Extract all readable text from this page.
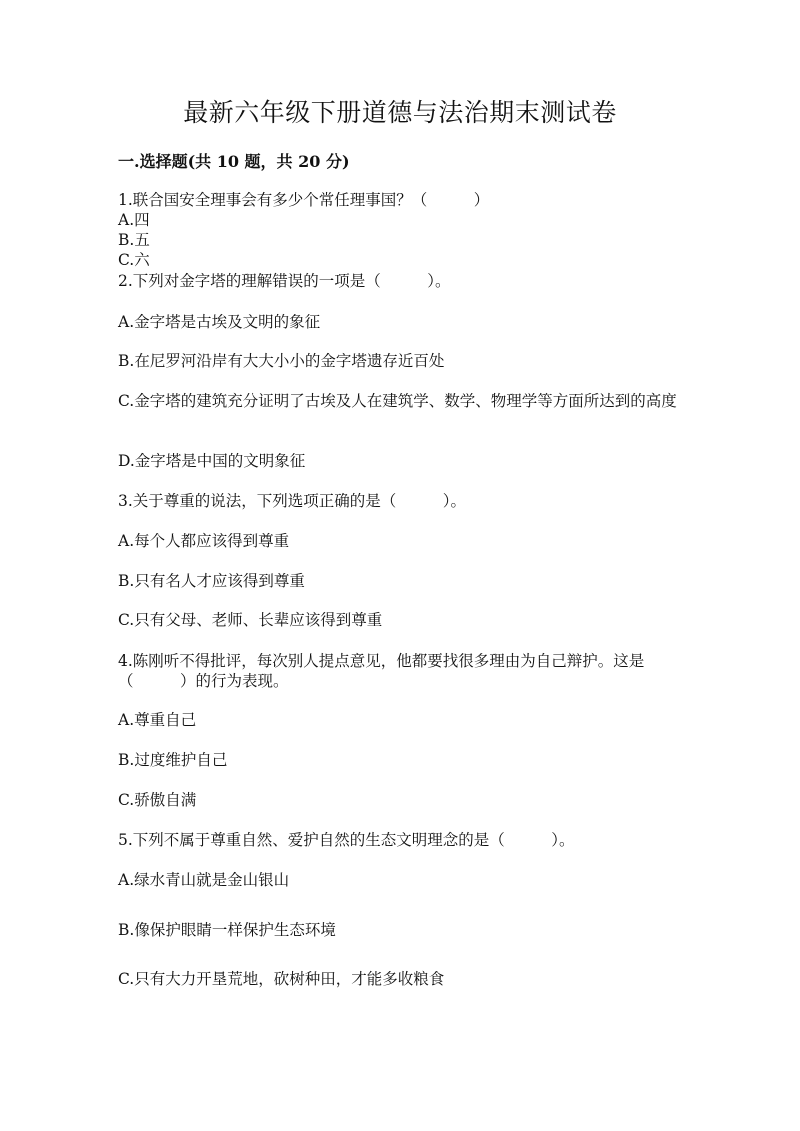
最新六年级下册道德与法治期末测试卷
一.选择题(共 10 题，共 20 分)
1.联合国安全理事会有多少个常任理事国？（　　　）
A.四
B.五
C.六
2.下列对金字塔的理解错误的一项是（　　　）。
A.金字塔是古埃及文明的象征
B.在尼罗河沿岸有大大小小的金字塔遗存近百处
C.金字塔的建筑充分证明了古埃及人在建筑学、数学、物理学等方面所达到的高度
D.金字塔是中国的文明象征
3.关于尊重的说法，下列选项正确的是（　　　）。
A.每个人都应该得到尊重
B.只有名人才应该得到尊重
C.只有父母、老师、长辈应该得到尊重
4.陈刚听不得批评，每次别人提点意见，他都要找很多理由为自己辩护。这是（　　　）的行为表现。
A.尊重自己
B.过度维护自己
C.骄傲自满
5.下列不属于尊重自然、爱护自然的生态文明理念的是（　　　）。
A.绿水青山就是金山银山
B.像保护眼睛一样保护生态环境
C.只有大力开垦荒地，砍树种田，才能多收粮食
